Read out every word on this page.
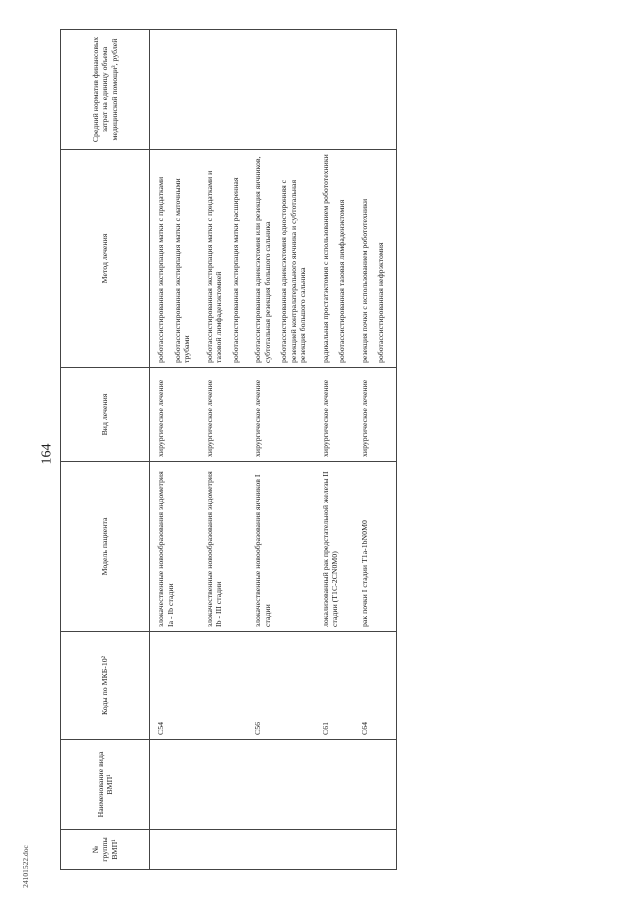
164
24101522.doc	№ группы ВМП¹	Наименование вида ВМП¹	Коды по МКБ-10²	Модель пациента	Вид лечения	Метод лечения	Средний норматив финансовых затрат на единицу объема медицинской помощи³, рублей
		C54	злокачественные новообразования эндометрия Ia - Ib стадии	хирургическое лечение	роботассистированная экстирпация матки с придатками роботассистированная экстирпация матки с маточными трубами	

			злокачественные новообразования эндометрия Ib - III стадии	хирургическое лечение	роботассистированная экстирпация матки с придатками и тазовой лимфаденэктомией роботассистированная экстирпация матки расширенная	

		C56	злокачественные новообразования яичников I стадии	хирургическое лечение	роботассистированная аднексэктомия или резекция яичников, субтотальная резекция большого сальника роботассистированная аднексэктомия односторонняя с резекцией контралатерального яичника и субтотальная резекция большого сальника	

		C61	локализованный рак предстательной железы II стадии (T1C-2CN0M0)	хирургическое лечение	радикальная простатэктомия с использованием робототехники роботассистированная тазовая лимфаденэктомия	

		C64	рак почки I стадии T1a-1bN0M0	хирургическое лечение	резекция почки с использованием робототехники роботассистированная нефрэктомия	
